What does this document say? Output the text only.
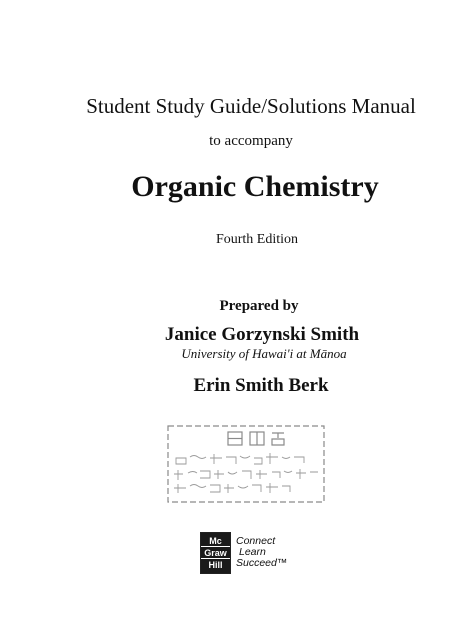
Student Study Guide/Solutions Manual
to accompany
Organic Chemistry
Fourth Edition
Prepared by
Janice Gorzynski Smith
University of Hawai'i at Mānoa
Erin Smith Berk
Mc
Graw
Hill
Connect
Learn
Succeed™
